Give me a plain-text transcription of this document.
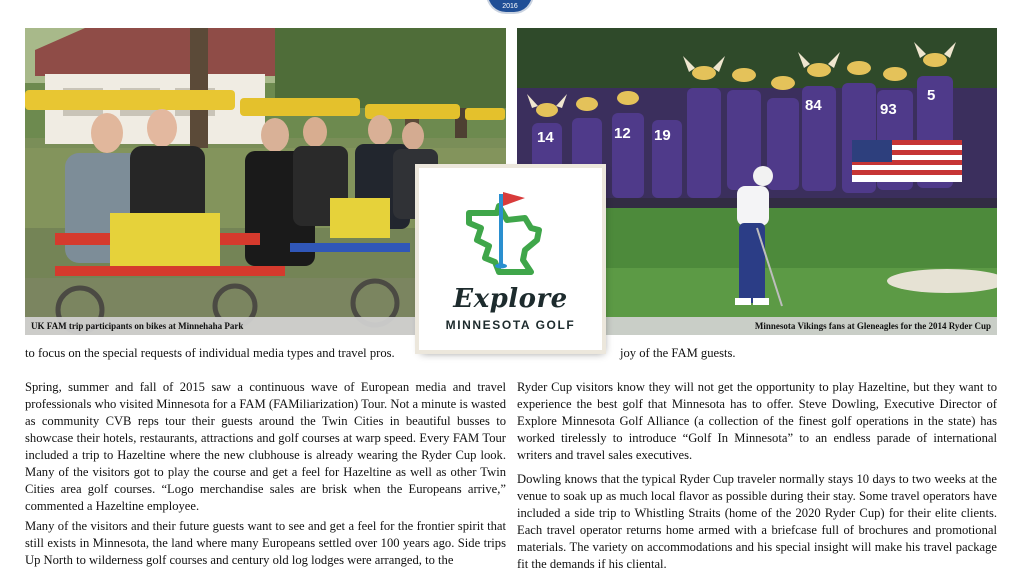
2016
UK FAM trip participants on bikes at Minnehaha Park
12
93
84
5
14	19
Minnesota Vikings fans at Gleneagles for the 2014 Ryder Cup
Explore
MINNESOTA GOLF

to focus on the special requests of individual media types and travel pros.	joy of the FAM guests.

Spring, summer and fall of 2015 saw a continuous wave of European media and travel professionals who visited Minnesota for a FAM (FAMiliarization) Tour. Not a minute is wasted as community CVB reps tour their guests around the Twin Cities in beautiful busses to showcase their hotels, restaurants, attractions and golf courses at warp speed. Every FAM Tour included a trip to Hazeltine where the new clubhouse is already wearing the Ryder Cup look. Many of the visitors got to play the course and get a feel for Hazeltine as well as other Twin Cities area golf courses. “Logo merchandise sales are brisk when the Europeans arrive,” commented a Hazeltine employee.

Many of the visitors and their future guests want to see and get a feel for the frontier spirit that still exists in Minnesota, the land where many Europeans settled over 100 years ago. Side trips Up North to wilderness golf courses and century old log lodges were arranged, to the

Ryder Cup visitors know they will not get the opportunity to play Hazeltine, but they want to experience the best golf that Minnesota has to offer. Steve Dowling, Executive Director of Explore Minnesota Golf Alliance (a collection of the finest golf operations in the state) has worked tirelessly to introduce “Golf In Minnesota” to an endless parade of international writers and travel sales executives.

Dowling knows that the typical Ryder Cup traveler normally stays 10 days to two weeks at the venue to soak up as much local flavor as possible during their stay. Some travel operators have included a side trip to Whistling Straits (home of the 2020 Ryder Cup) for their elite clients. Each travel operator returns home armed with a briefcase full of brochures and promotional materials. The variety on accommodations and his special insight will make his travel package fit the demands if his cliental.
